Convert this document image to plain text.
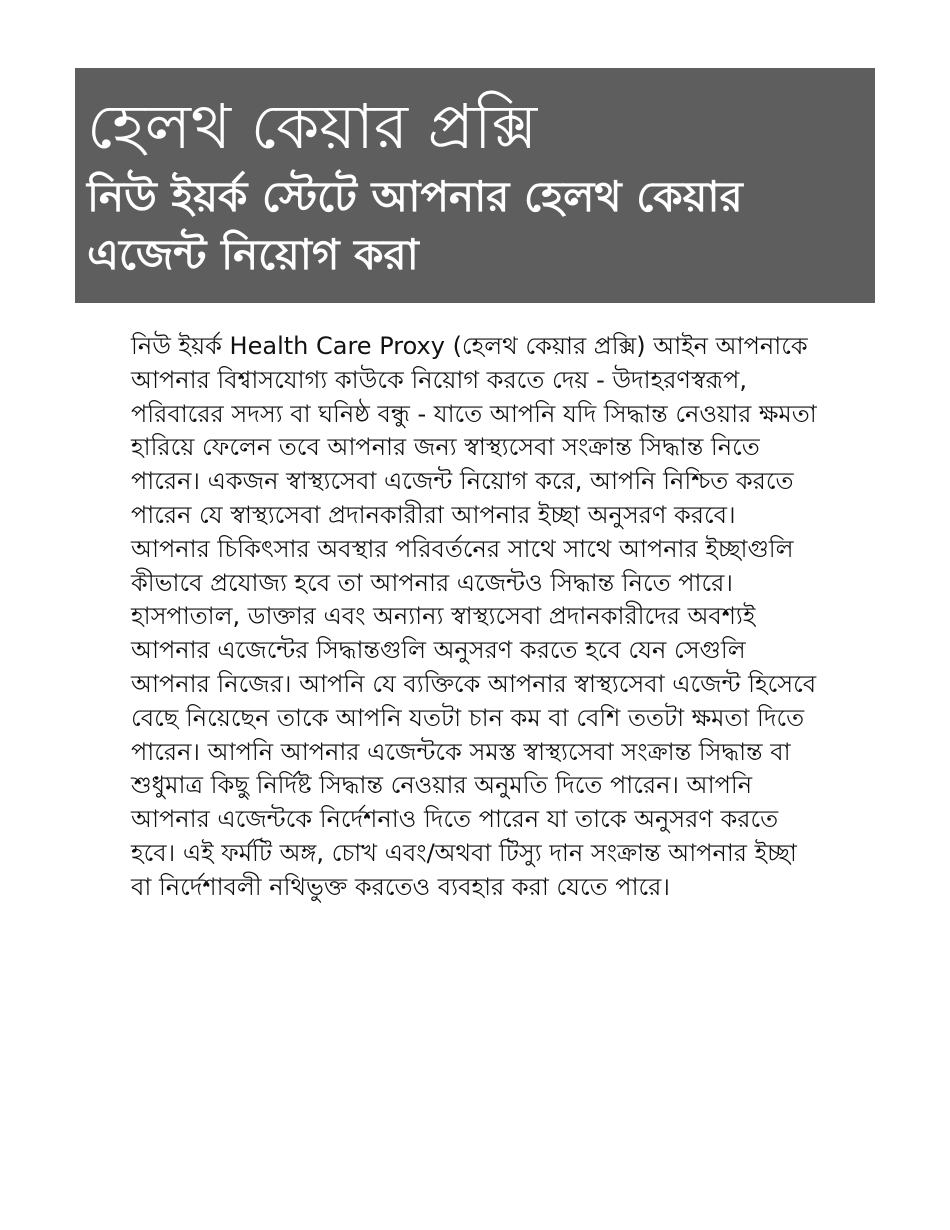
হেলথ কেয়ার প্রক্সি
নিউ ইয়র্ক স্টেটে আপনার হেলথ কেয়ার এজেন্ট নিয়োগ করা

নিউ ইয়র্ক Health Care Proxy (হেলথ কেয়ার প্রক্সি) আইন আপনাকে আপনার বিশ্বাসযোগ্য কাউকে নিয়োগ করতে দেয় - উদাহরণস্বরূপ, পরিবারের সদস্য বা ঘনিষ্ঠ বন্ধু - যাতে আপনি যদি সিদ্ধান্ত নেওয়ার ক্ষমতা হারিয়ে ফেলেন তবে আপনার জন্য স্বাস্থ্যসেবা সংক্রান্ত সিদ্ধান্ত নিতে পারেন। একজন স্বাস্থ্যসেবা এজেন্ট নিয়োগ করে, আপনি নিশ্চিত করতে পারেন যে স্বাস্থ্যসেবা প্রদানকারীরা আপনার ইচ্ছা অনুসরণ করবে। আপনার চিকিৎসার অবস্থার পরিবর্তনের সাথে সাথে আপনার ইচ্ছাগুলি কীভাবে প্রযোজ্য হবে তা আপনার এজেন্টও সিদ্ধান্ত নিতে পারে। হাসপাতাল, ডাক্তার এবং অন্যান্য স্বাস্থ্যসেবা প্রদানকারীদের অবশ্যই আপনার এজেন্টের সিদ্ধান্তগুলি অনুসরণ করতে হবে যেন সেগুলি আপনার নিজের। আপনি যে ব্যক্তিকে আপনার স্বাস্থ্যসেবা এজেন্ট হিসেবে বেছে নিয়েছেন তাকে আপনি যতটা চান কম বা বেশি ততটা ক্ষমতা দিতে পারেন। আপনি আপনার এজেন্টকে সমস্ত স্বাস্থ্যসেবা সংক্রান্ত সিদ্ধান্ত বা শুধুমাত্র কিছু নির্দিষ্ট সিদ্ধান্ত নেওয়ার অনুমতি দিতে পারেন। আপনি আপনার এজেন্টকে নির্দেশনাও দিতে পারেন যা তাকে অনুসরণ করতে হবে। এই ফর্মটি অঙ্গ, চোখ এবং/অথবা টিস্যু দান সংক্রান্ত আপনার ইচ্ছা বা নির্দেশাবলী নথিভুক্ত করতেও ব্যবহার করা যেতে পারে।
